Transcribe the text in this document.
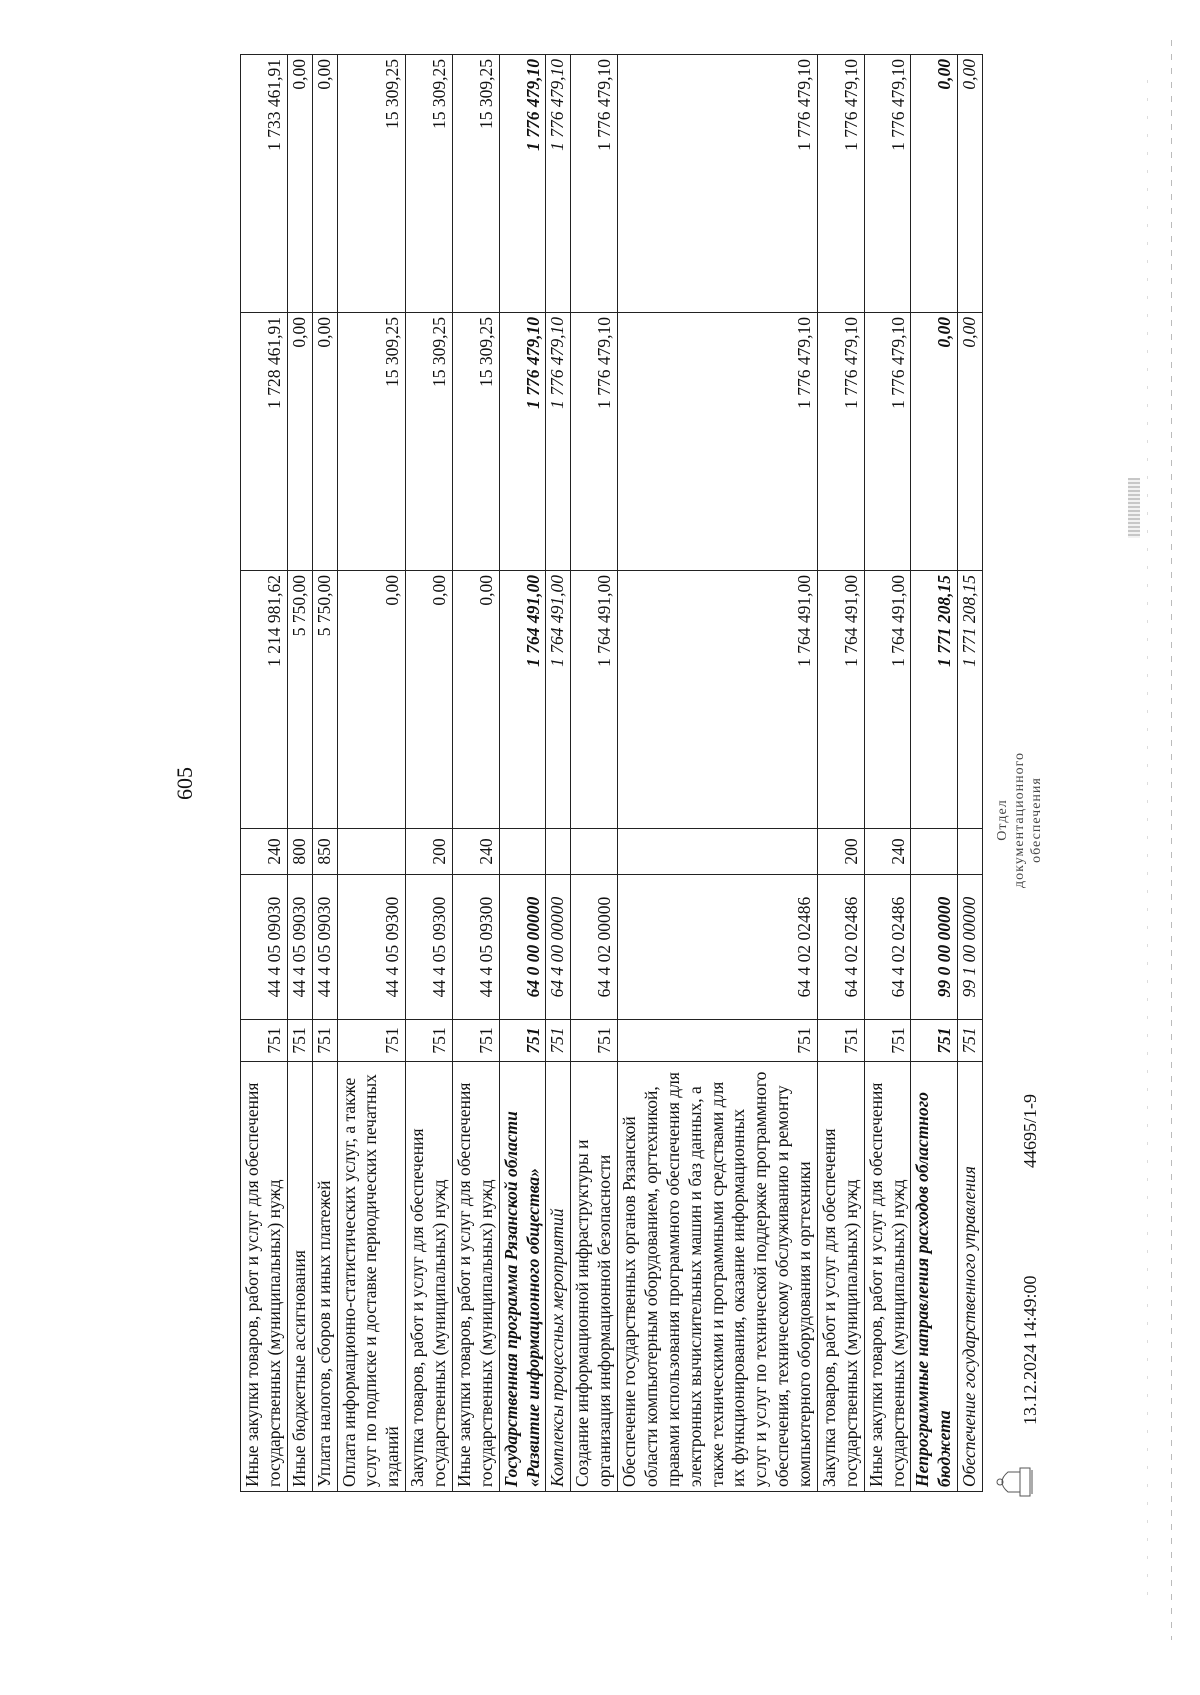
605
Иные закупки товаров, работ и услуг для обеспечения государственных (муниципальных) нужд	751	44 4 05 09030	240	1 214 981,62	1 728 461,91	1 733 461,91
Иные бюджетные ассигнования	751	44 4 05 09030	800	5 750,00	0,00	0,00
Уплата налогов, сборов и иных платежей	751	44 4 05 09030	850	5 750,00	0,00	0,00
Оплата информационно-статистических услуг, а также услуг по подписке и доставке периодических печатных изданий	751	44 4 05 09300		0,00	15 309,25	15 309,25
Закупка товаров, работ и услуг для обеспечения государственных (муниципальных) нужд	751	44 4 05 09300	200	0,00	15 309,25	15 309,25
Иные закупки товаров, работ и услуг для обеспечения государственных (муниципальных) нужд	751	44 4 05 09300	240	0,00	15 309,25	15 309,25
Государственная программа Рязанской области «Развитие информационного общества»	751	64 0 00 00000		1 764 491,00	1 776 479,10	1 776 479,10
Комплексы процессных мероприятий	751	64 4 00 00000		1 764 491,00	1 776 479,10	1 776 479,10
Создание информационной инфраструктуры и организация информационной безопасности	751	64 4 02 00000		1 764 491,00	1 776 479,10	1 776 479,10
Обеспечение государственных органов Рязанской области компьютерным оборудованием, оргтехникой, правами использования программного обеспечения для электронных вычислительных машин и баз данных, а также техническими и программными средствами для их функционирования, оказание информационных услуг и услуг по технической поддержке программного обеспечения, техническому обслуживанию и ремонту компьютерного оборудования и оргтехники	751	64 4 02 02486		1 764 491,00	1 776 479,10	1 776 479,10
Закупка товаров, работ и услуг для обеспечения государственных (муниципальных) нужд	751	64 4 02 02486	200	1 764 491,00	1 776 479,10	1 776 479,10
Иные закупки товаров, работ и услуг для обеспечения государственных (муниципальных) нужд	751	64 4 02 02486	240	1 764 491,00	1 776 479,10	1 776 479,10
Непрограммные направления расходов областного бюджета	751	99 0 00 00000		1 771 208,15	0,00	0,00
Обеспечение государственного управления	751	99 1 00 00000		1 771 208,15	0,00	0,00
13.12.2024 14:49:00
44695/1-9
Отдел документационного обеспечения
